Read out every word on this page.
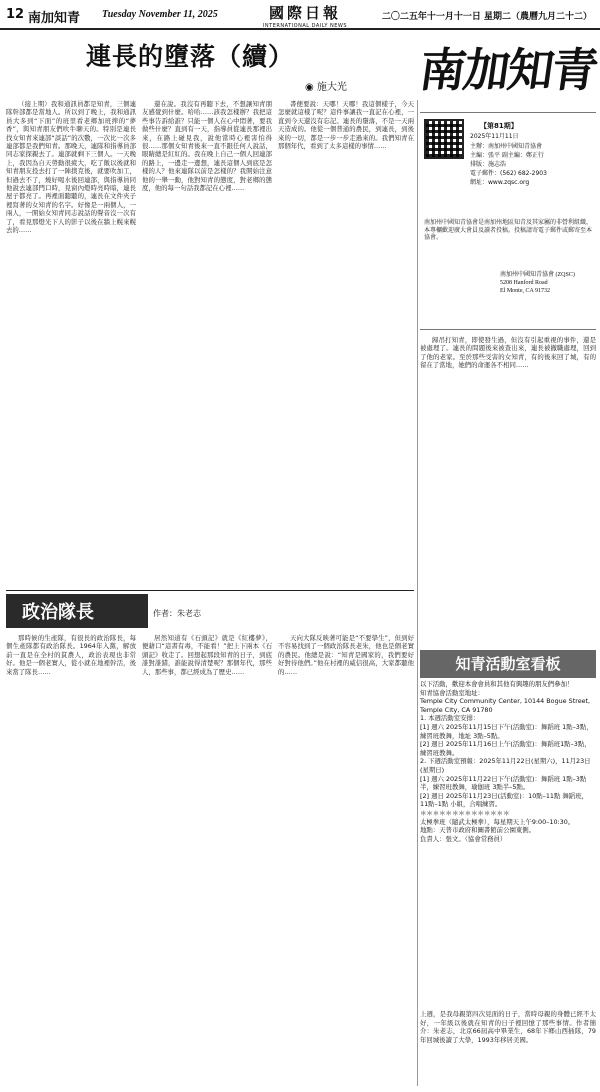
12 南加知青 Tuesday November 11, 2025	國際日報
INTERNATIONAL DAILY NEWS
二〇二五年十一月十一日 星期二（農曆九月二十二）
連長的墮落（續）
◉ 施大光 南加知青
【第81期】
2025年11月11日
主辦：南加州中國知青協會
主編：張平 副主編：鄭正行
排版：施志浩
電子郵件：(562) 682-2903
網址：www.zqsc.org
南加州中國知青協會是南加州地區知青及其家屬的非營利組織，本專欄歡迎廣大會員及讀者投稿。投稿請寄電子郵件或郵寄至本協會。
南加州中國知青協會 (ZQSC)
5208 Hanford Road
El Monte, CA 91732
（接上期）我和通訊員都是知青，三個連隊幹部都是當地人。所以到了晚上，我和通訊員大多到“下面”的班里看老鄉加班搾的“夢香”，與知青朋友們吹牛聊天的。特別是連長找女知青來連部“談話”的次數，一次比一次多連部都是我們知青。那晚天，連隊和指導員部同志家探親去了。連部就剩下三個人。一天晚上，我因為自天勞動很疲大，吃了飯以後就和知青朋友投去打了一陣撲克後，就要吹加工，但過去不了，燒好喝水後回連部，與指導員同他說去連部門口時，見窗內燈時亮時暗，連長屋子都亮了。再裡面聽聽的，連長在文件夾子裡寫著的女知青的名字。好像是一兩個人，一兩人，一開始女知青同志說話的聲音沒一次有了，看見那燈光下人的影子以後在牆上幌來幌去的……
還在說。我沒有再聽下去，不想讓知青朋友感覺到什麼。哈哈……該我怎樣辦？我把這些事告訴給誰？只能一個人在心中悶著，要我做些什麼？直到有一天，指導員從連長那裡出來，在路上碰見我，說他當時心裡害怕得很……那個女知青後來一直不跟任何人說話，眼睛總是紅紅的。我在晚上自己一個人回連部的路上，一邊走一邊想，連長這個人到底是怎樣的人？他來連隊以前是怎樣的？我開始注意他的一舉一動，他對知青的態度，對老鄉的態度，他的每一句話我都記在心裡……
書便要說：天哪！天哪！我這個樣子，今天怎麼就這樣了呢？這件事讓我一直記在心裡，一直到今天還沒有忘記。連長的墮落，不是一天兩天造成的。他從一個普通的農民，到連長，到後來的一切，都是一步一步走過來的。我們知青在那個年代，看到了太多這樣的事情……
歸吊打知青，即使發生過，但沒有引起重視的事件，還是被處理了。連長的問題後來被查出來，連長被撤職處理，回到了他的老家。至於那些受害的女知青，有的後來回了城，有的留在了當地，她們的命運各不相同……
政治隊長	作者：朱老志
那時候的生產隊，有很長的政治隊長，每個生產隊都有政治隊長。1964年入黨，解放前一直是在全村的貧農人，政治表現也非常好。他是一個老實人，從小就在地裡幹活，後來當了隊長……
居然知道有《石頭記》就是《紅樓夢》，便藉口“這書有毒，不能看！”把上下兩本《石頭記》收走了。回想起那段知青的日子，到底誰對誰錯，誰能說得清楚呢？那個年代，那些人，那些事，都已經成為了歷史……
天向大隊反映著可能是“不要學生”，但到好不容易找到了一個政治隊長老朱，他也是個老實的農民。他總是說：“知青是國家的，我們要好好對待他們。”他在村裡的威信很高，大家都聽他的……	知青活動室看板
以下活動，歡迎本會會員和其他有興趣的朋友們參加！
知青協會活動室地址：
Temple City Community Center, 10144 Bogue Street, Temple City, CA 91780
1. 本週活動室安排：
[1] 週六 2025年11月15日下午(活動室)：舞蹈班 1點–3點，練習班教舞，地址 3點–5點。
[2] 週日 2025年11月16日上午(活動室)：舞蹈班1點–3點，練習班教舞。
2. 下週活動室預報：2025年11月22日(星期六)，11月23日(星期日)
[1] 週六 2025年11月22日下午(活動室)：舞蹈班 1點–3點半，練習班教舞，瑜伽班 3點半–5點。
[2] 週日 2025年11月23日(活動室)：10點–11點 舞蹈班，11點–1點 小組，合唱練習。
＊＊＊＊＊＊＊＊＊＊＊＊＊＊
太極拳班（隨武太極拳），每星期天上午9:00–10:30。
地點：天普市政府和圖書館前公園東側。
負責人：張文。（協會常務員）
上週，是我母親第四次見面的日子，當時母親的身體已經不太好，一年級以後就在知青的日子裡回憶了那些事情。作者簡介：朱老志，北京66屆高中畢業生，68年下鄉山西插隊，79年回城後讀了大學，1993年移居美國。
